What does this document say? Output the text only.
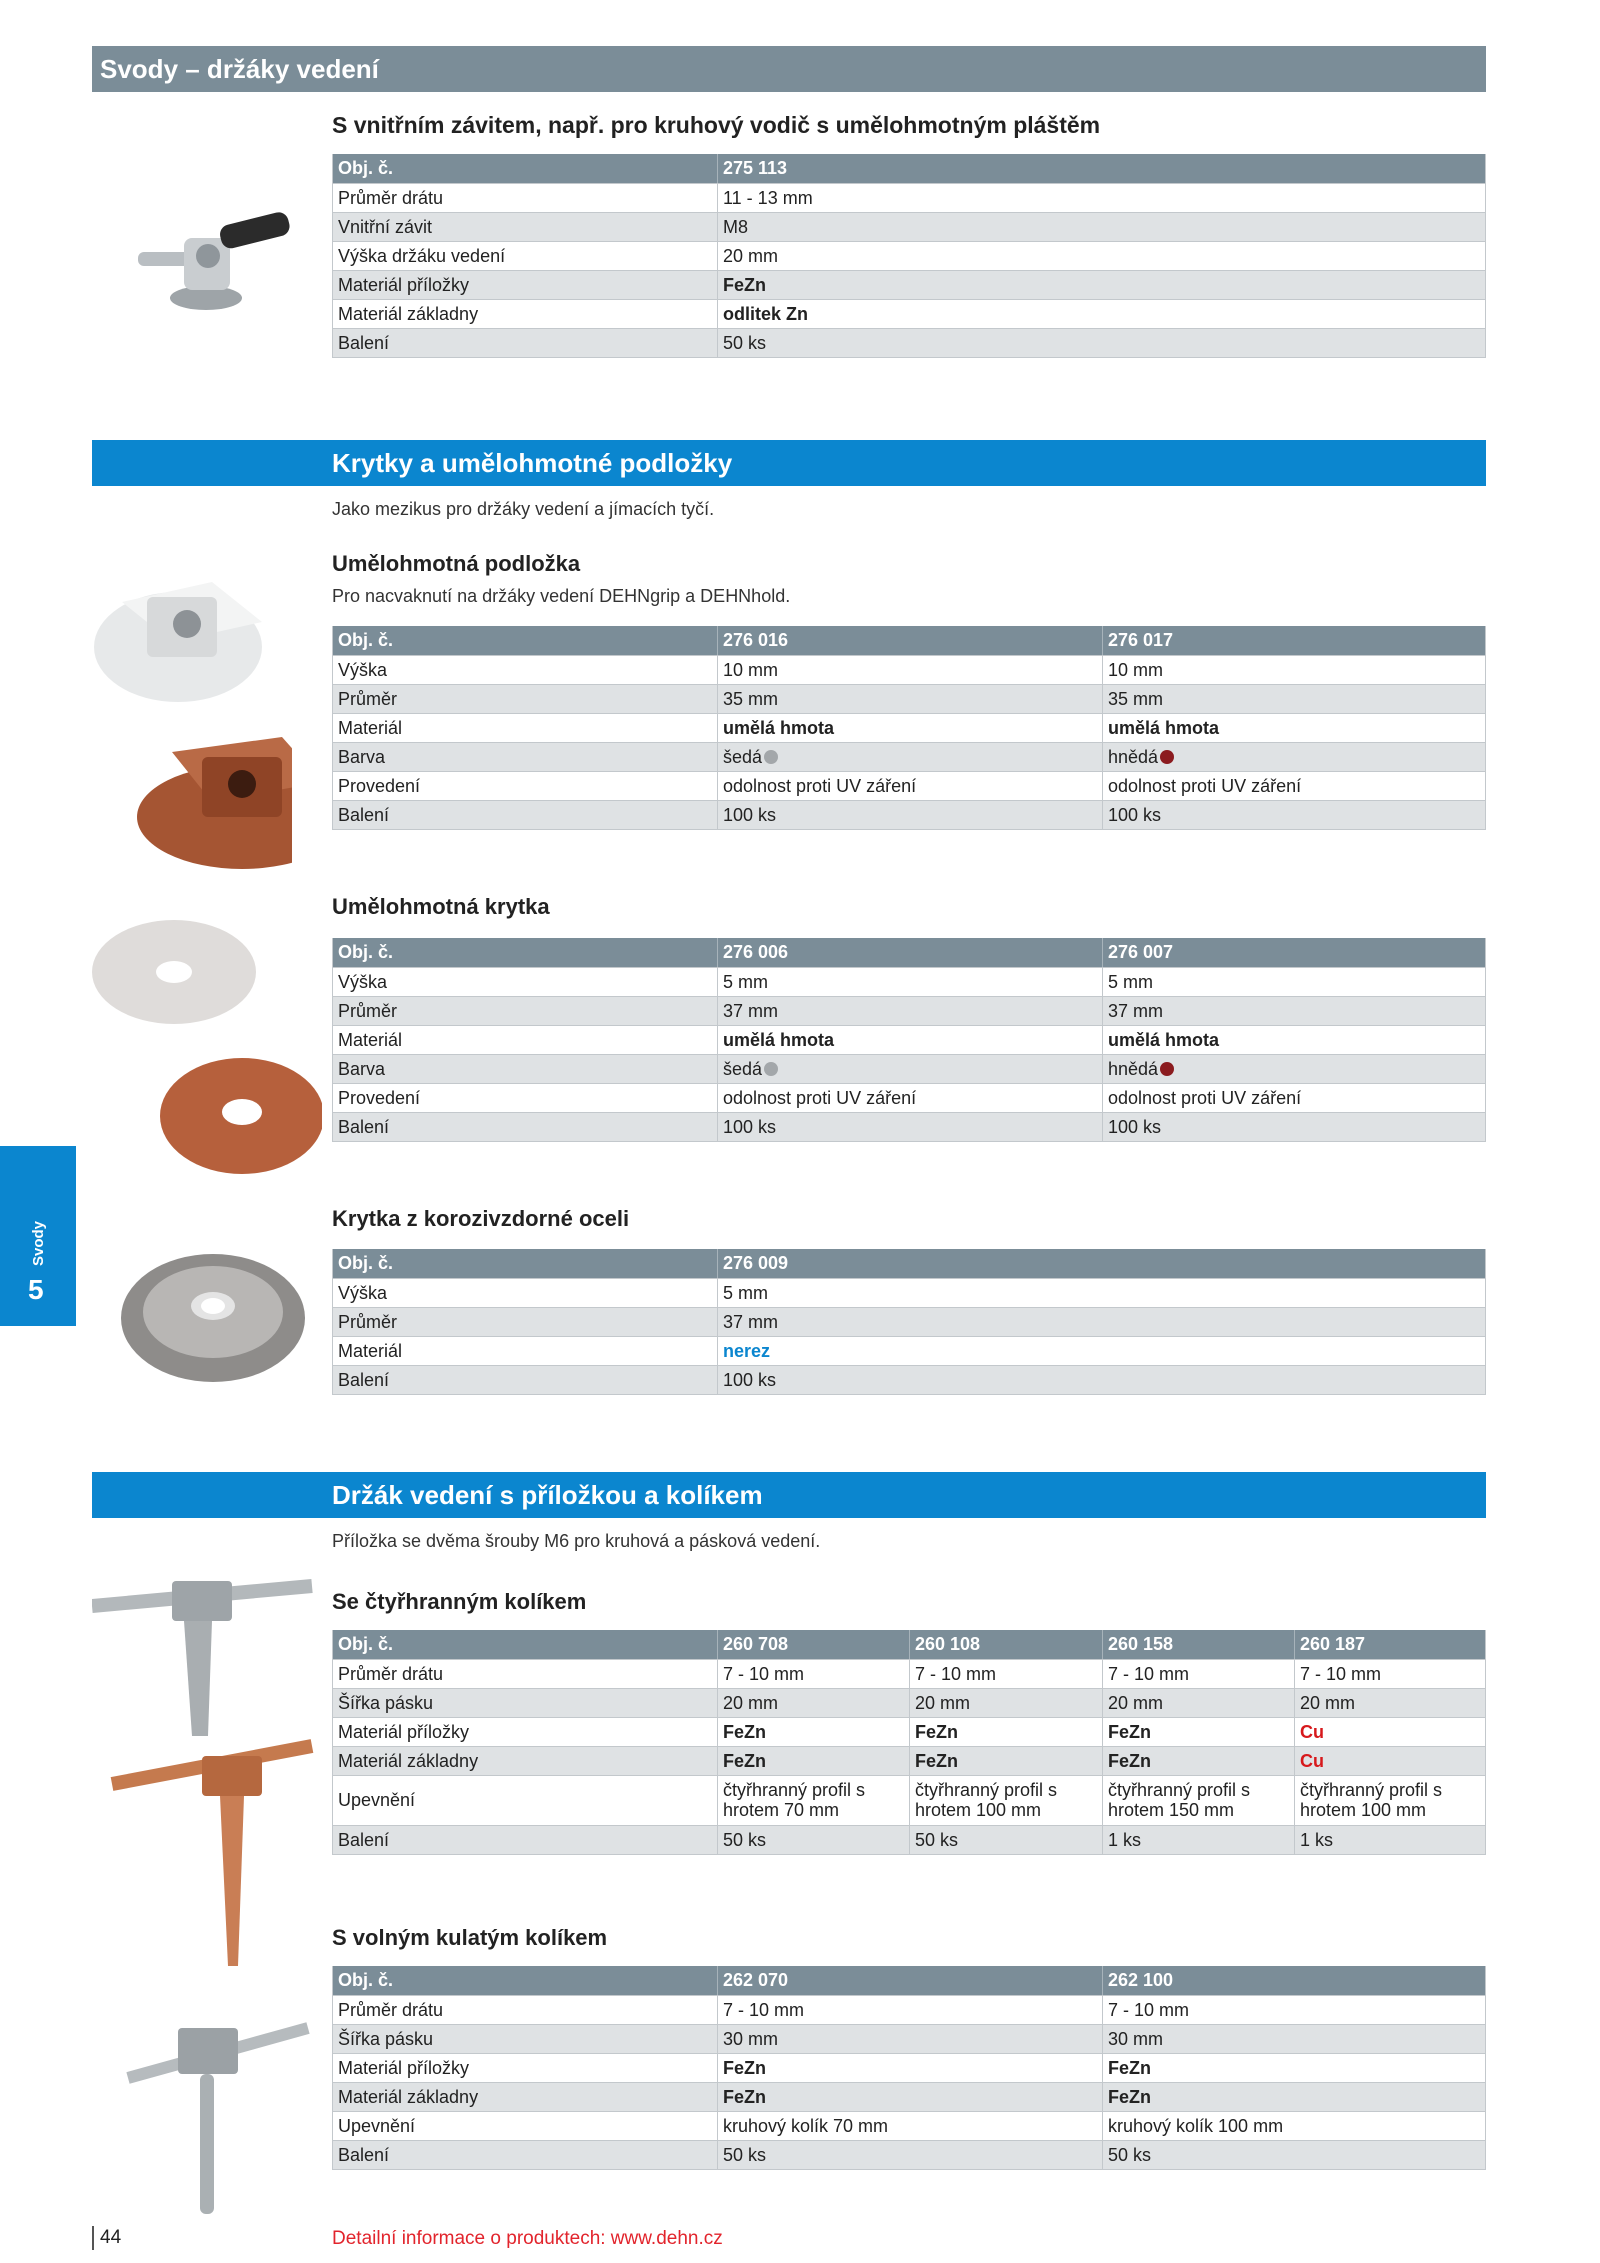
Svody – držáky vedení
S vnitřním závitem, např. pro kruhový vodič s umělohmotným pláštěm
Obj. č.	275 113
Průměr drátu	11 - 13 mm
Vnitřní závit	M8
Výška držáku vedení	20 mm
Materiál příložky	FeZn
Materiál základny	odlitek Zn
Balení	50 ks
Krytky a umělohmotné podložky
Jako mezikus pro držáky vedení a jímacích tyčí.
Umělohmotná podložka
Pro nacvaknutí na držáky vedení DEHNgrip a DEHNhold.
Obj. č.	276 016	276 017
Výška	10 mm	10 mm
Průměr	35 mm	35 mm
Materiál	umělá hmota	umělá hmota
Barva	šedá	hnědá
Provedení	odolnost proti UV záření	odolnost proti UV záření
Balení	100 ks	100 ks
Umělohmotná krytka
Obj. č.	276 006	276 007
Výška	5 mm	5 mm
Průměr	37 mm	37 mm
Materiál	umělá hmota	umělá hmota
Barva	šedá	hnědá
Provedení	odolnost proti UV záření	odolnost proti UV záření
Balení	100 ks	100 ks
Krytka z korozivzdorné oceli
Obj. č.	276 009
Výška	5 mm
Průměr	37 mm
Materiál	nerez
Balení	100 ks
Držák vedení s příložkou a kolíkem
Příložka se dvěma šrouby M6 pro kruhová a pásková vedení.
Se čtyřhranným kolíkem
Obj. č.	260 708	260 108	260 158	260 187
Průměr drátu	7 - 10 mm	7 - 10 mm	7 - 10 mm	7 - 10 mm
Šířka pásku	20 mm	20 mm	20 mm	20 mm
Materiál příložky	FeZn	FeZn	FeZn	Cu
Materiál základny	FeZn	FeZn	FeZn	Cu
Upevnění	čtyřhranný profil s hrotem 70 mm	čtyřhranný profil s hrotem 100 mm	čtyřhranný profil s hrotem 150 mm	čtyřhranný profil s hrotem 100 mm
Balení	50 ks	50 ks	1 ks	1 ks
S volným kulatým kolíkem
Obj. č.	262 070	262 100
Průměr drátu	7 - 10 mm	7 - 10 mm
Šířka pásku	30 mm	30 mm
Materiál příložky	FeZn	FeZn
Materiál základny	FeZn	FeZn
Upevnění	kruhový kolík 70 mm	kruhový kolík 100 mm
Balení	50 ks	50 ks
Svody
5
44	Detailní informace o produktech: www.dehn.cz
